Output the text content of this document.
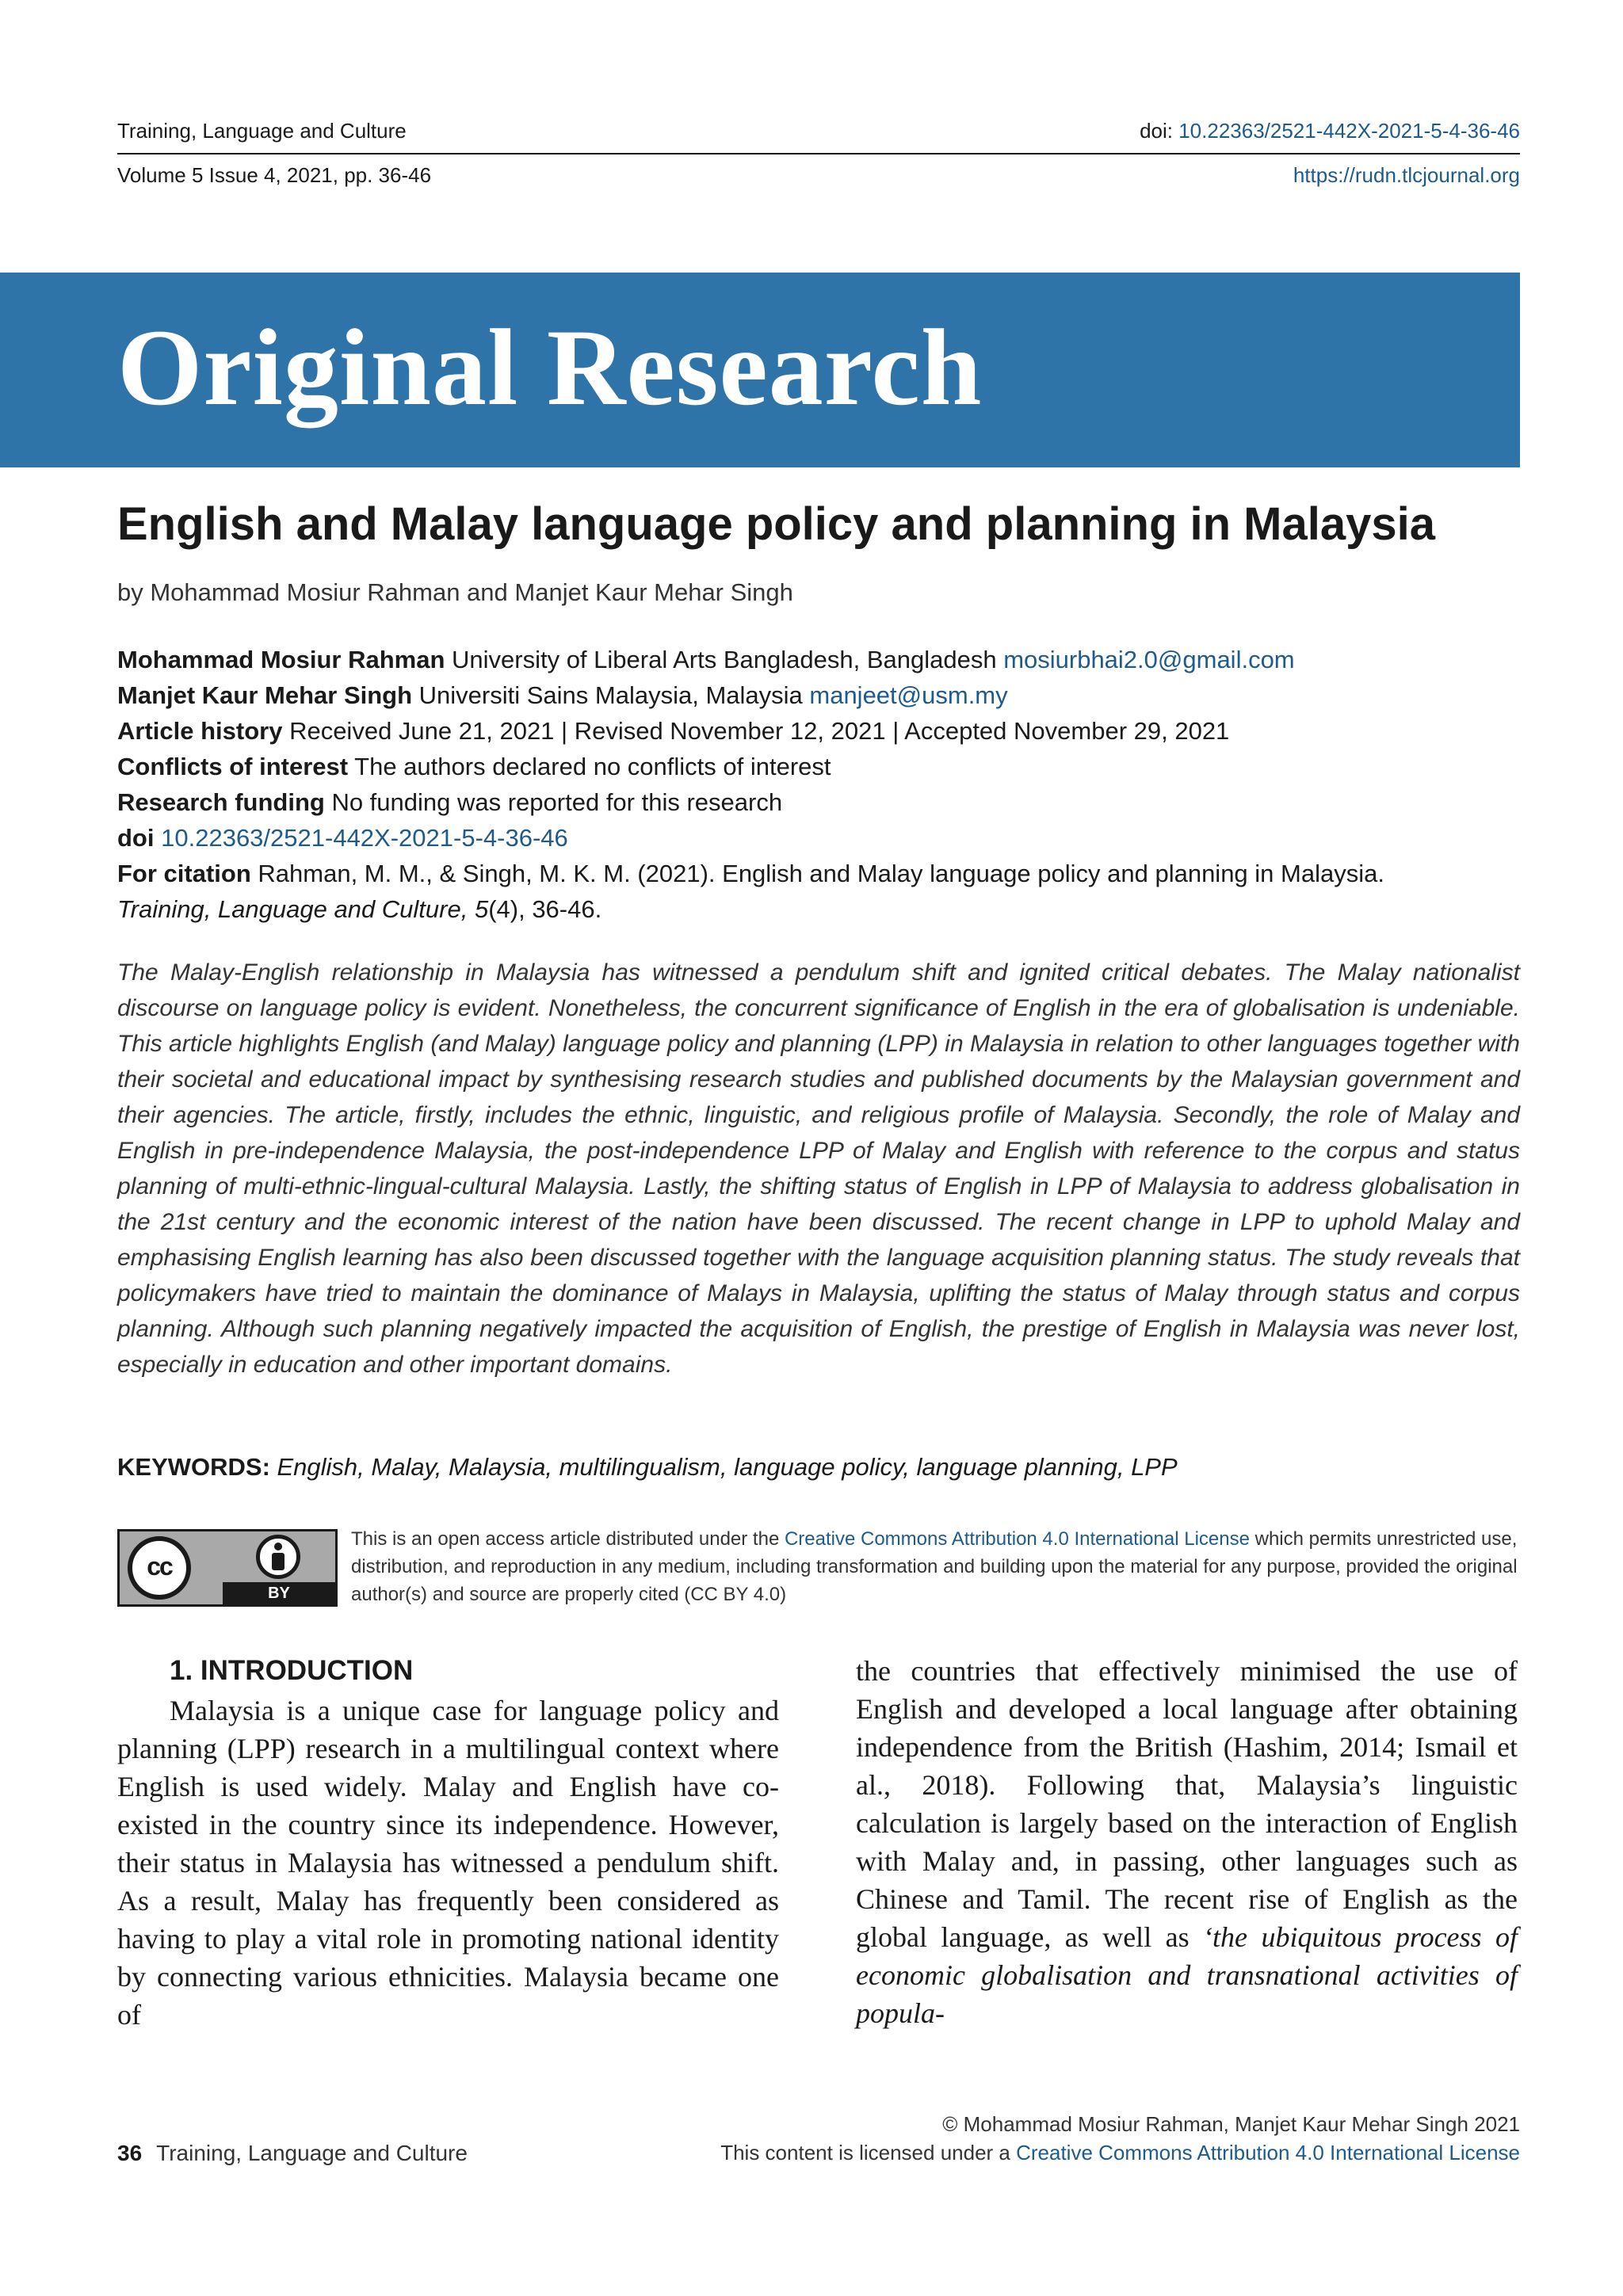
Training, Language and Culture	doi: 10.22363/2521-442X-2021-5-4-36-46
Volume 5 Issue 4, 2021, pp. 36-46	https://rudn.tlcjournal.org
Original Research
English and Malay language policy and planning in Malaysia
by Mohammad Mosiur Rahman and Manjet Kaur Mehar Singh
Mohammad Mosiur Rahman University of Liberal Arts Bangladesh, Bangladesh mosiurbhai2.0@gmail.com
Manjet Kaur Mehar Singh Universiti Sains Malaysia, Malaysia manjeet@usm.my
Article history Received June 21, 2021 | Revised November 12, 2021 | Accepted November 29, 2021
Conflicts of interest The authors declared no conflicts of interest
Research funding No funding was reported for this research
doi 10.22363/2521-442X-2021-5-4-36-46
For citation Rahman, M. M., & Singh, M. K. M. (2021). English and Malay language policy and planning in Malaysia.
Training, Language and Culture, 5(4), 36-46.
The Malay-English relationship in Malaysia has witnessed a pendulum shift and ignited critical debates. The Malay nationalist discourse on language policy is evident. Nonetheless, the concurrent significance of English in the era of globalisation is undeniable. This article highlights English (and Malay) language policy and planning (LPP) in Malaysia in relation to other languages together with their societal and educational impact by synthesising research studies and published documents by the Malaysian government and their agencies. The article, firstly, includes the ethnic, linguistic, and religious profile of Malaysia. Secondly, the role of Malay and English in pre-independence Malaysia, the post-independence LPP of Malay and English with reference to the corpus and status planning of multi-ethnic-lingual-cultural Malaysia. Lastly, the shifting status of English in LPP of Malaysia to address globalisation in the 21st century and the economic interest of the nation have been discussed. The recent change in LPP to uphold Malay and emphasising English learning has also been discussed together with the language acquisition planning status. The study reveals that policymakers have tried to maintain the dominance of Malays in Malaysia, uplifting the status of Malay through status and corpus planning. Although such planning negatively impacted the acquisition of English, the prestige of English in Malaysia was never lost, especially in education and other important domains.
KEYWORDS: English, Malay, Malaysia, multilingualism, language policy, language planning, LPP
cc
BY
This is an open access article distributed under the Creative Commons Attribution 4.0 International License which permits unrestricted use, distribution, and reproduction in any medium, including transformation and building upon the material for any purpose, provided the original author(s) and source are properly cited (CC BY 4.0)
1. INTRODUCTION
Malaysia is a unique case for language policy and planning (LPP) research in a multilingual context where English is used widely. Malay and English have co-existed in the country since its independence. However, their status in Malaysia has witnessed a pendulum shift. As a result, Malay has frequently been considered as having to play a vital role in promoting national identity by connecting various ethnicities. Malaysia became one of
the countries that effectively minimised the use of English and developed a local language after obtaining independence from the British (Hashim, 2014; Ismail et al., 2018). Following that, Malaysia’s linguistic calculation is largely based on the interaction of English with Malay and, in passing, other languages such as Chinese and Tamil. The recent rise of English as the global language, as well as ‘the ubiquitous process of economic globalisation and transnational activities of popula-
© Mohammad Mosiur Rahman, Manjet Kaur Mehar Singh 2021
This content is licensed under a Creative Commons Attribution 4.0 International License
36 Training, Language and Culture
